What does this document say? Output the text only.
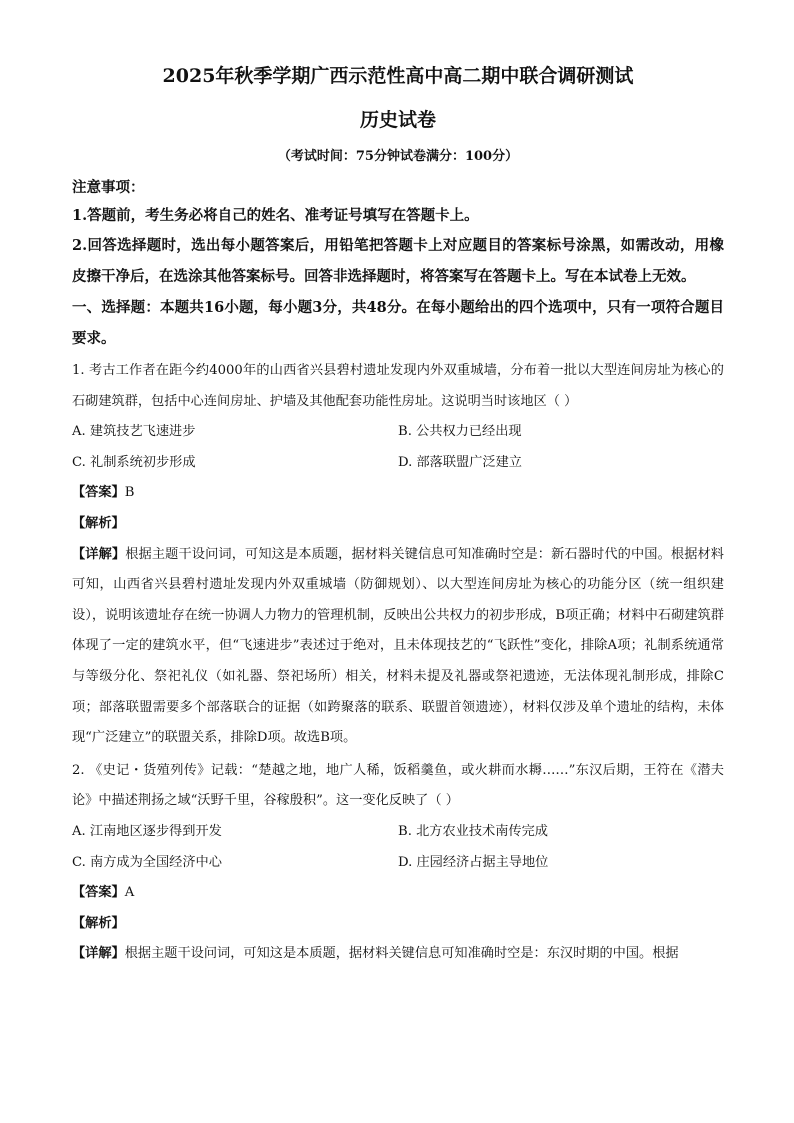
2025年秋季学期广西示范性高中高二期中联合调研测试

历史试卷

（考试时间：75分钟试卷满分：100分）

注意事项：

1.答题前，考生务必将自己的姓名、准考证号填写在答题卡上。

2.回答选择题时，选出每小题答案后，用铅笔把答题卡上对应题目的答案标号涂黑，如需改动，用橡皮擦干净后，在选涂其他答案标号。回答非选择题时，将答案写在答题卡上。写在本试卷上无效。

一、选择题：本题共16小题，每小题3分，共48分。在每小题给出的四个选项中，只有一项符合题目要求。

1. 考古工作者在距今约4000年的山西省兴县碧村遗址发现内外双重城墙，分布着一批以大型连间房址为核心的石砌建筑群，包括中心连间房址、护墙及其他配套功能性房址。这说明当时该地区（ ）

A. 建筑技艺飞速进步	B. 公共权力已经出现
C. 礼制系统初步形成	D. 部落联盟广泛建立

【答案】B

【解析】

【详解】根据主题干设问词，可知这是本质题，据材料关键信息可知准确时空是：新石器时代的中国。根据材料可知，山西省兴县碧村遗址发现内外双重城墙（防御规划）、以大型连间房址为核心的功能分区（统一组织建设），说明该遗址存在统一协调人力物力的管理机制，反映出公共权力的初步形成，B项正确；材料中石砌建筑群体现了一定的建筑水平，但“飞速进步”表述过于绝对，且未体现技艺的“飞跃性”变化，排除A项；礼制系统通常与等级分化、祭祀礼仪（如礼器、祭祀场所）相关，材料未提及礼器或祭祀遗迹，无法体现礼制形成，排除C项；部落联盟需要多个部落联合的证据（如跨聚落的联系、联盟首领遗迹），材料仅涉及单个遗址的结构，未体现“广泛建立”的联盟关系，排除D项。故选B项。

2. 《史记・货殖列传》记载：“楚越之地，地广人稀，饭稻羹鱼，或火耕而水耨……”东汉后期，王符在《潜夫论》中描述荆扬之域“沃野千里，谷稼殷积”。这一变化反映了（ ）

A. 江南地区逐步得到开发	B. 北方农业技术南传完成
C. 南方成为全国经济中心	D. 庄园经济占据主导地位

【答案】A

【解析】

【详解】根据主题干设问词，可知这是本质题，据材料关键信息可知准确时空是：东汉时期的中国。根据
